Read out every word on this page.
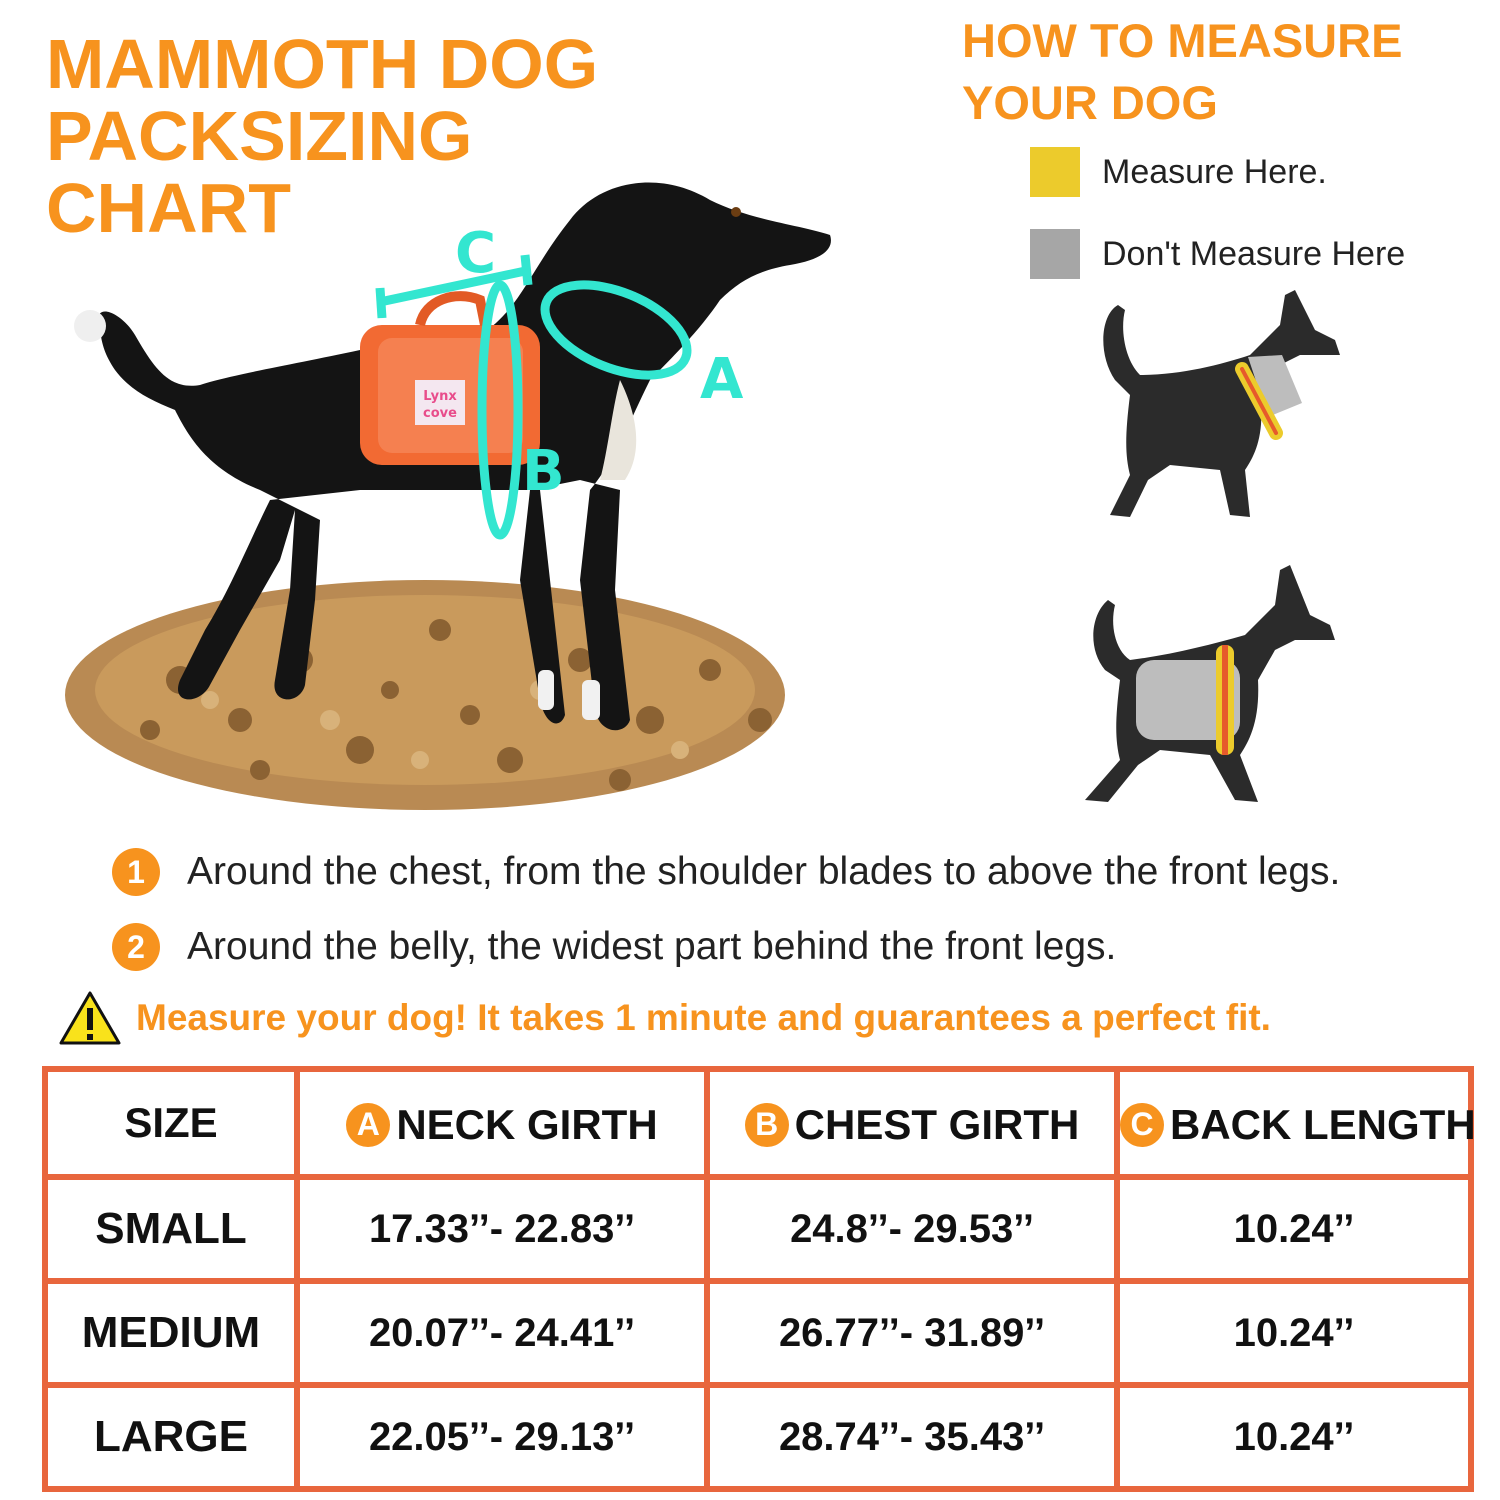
MAMMOTH DOG
PACKSIZING
CHART
HOW TO MEASURE
YOUR DOG
Measure Here.
Don't Measure Here
Lynx
cove
C
A
B
1	Around the chest, from the shoulder blades to above the front legs.
2	Around the belly, the widest part behind the front legs.
Measure your dog! It takes 1 minute and guarantees a perfect fit.
SIZE	A NECK GIRTH	B CHEST GIRTH	C BACK LENGTH

SMALL	17.33’’- 22.83’’	24.8’’- 29.53’’	10.24’’
MEDIUM	20.07’’- 24.41’’	26.77’’- 31.89’’	10.24’’
LARGE	22.05’’- 29.13’’	28.74’’- 35.43’’	10.24’’
